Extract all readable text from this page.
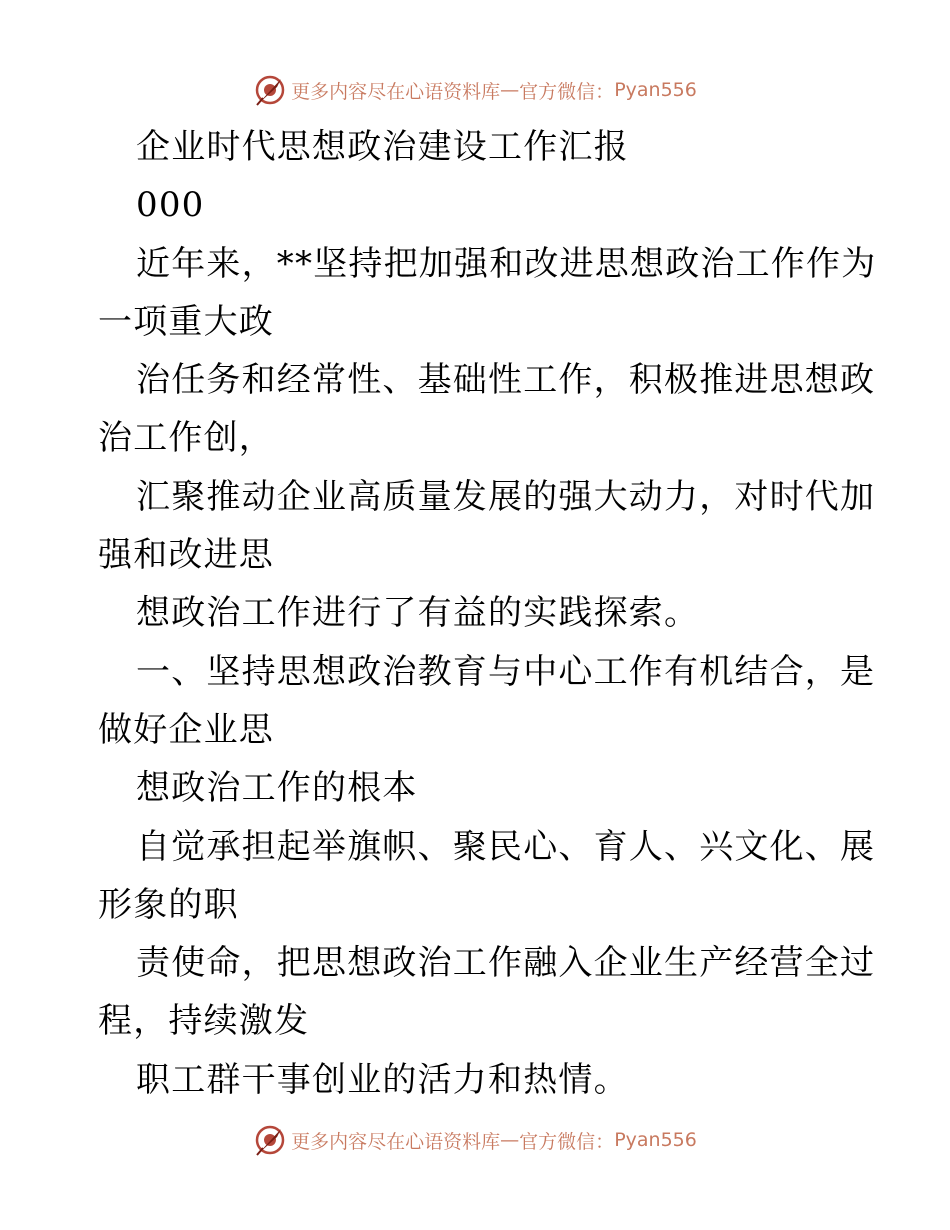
更多内容尽在心语资料库 — 官方微信： Pyan556
企业时代思想政治建设工作汇报
000
近年来，**坚持把加强和改进思想政治工作作为
一项重大政
治任务和经常性、基础性工作，积极推进思想政
治工作创，
汇聚推动企业高质量发展的强大动力，对时代加
强和改进思
想政治工作进行了有益的实践探索。
一、坚持思想政治教育与中心工作有机结合，是
做好企业思
想政治工作的根本
自觉承担起举旗帜、聚民心、育人、兴文化、展
形象的职
责使命，把思想政治工作融入企业生产经营全过
程，持续激发
职工群干事创业的活力和热情。
更多内容尽在心语资料库 — 官方微信： Pyan556
